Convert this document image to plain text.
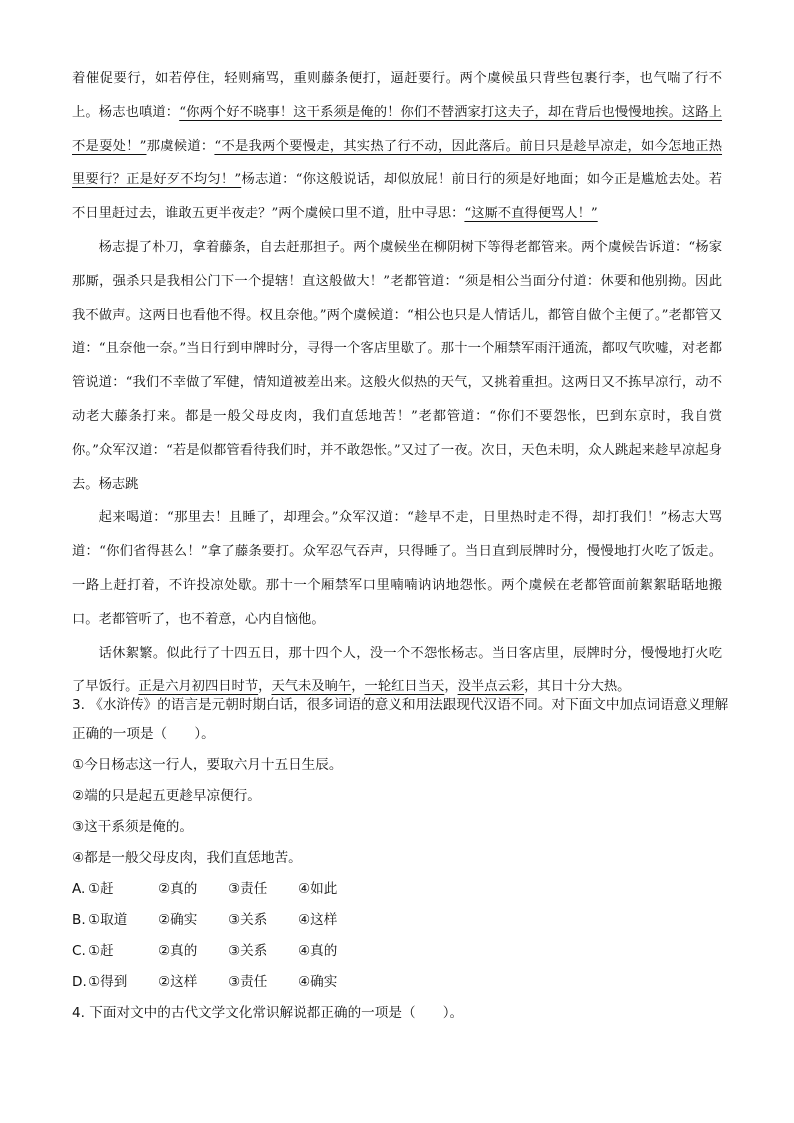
着催促要行，如若停住，轻则痛骂，重则藤条便打，逼赶要行。两个虞候虽只背些包裹行李，也气喘了行不上。杨志也嗔道：“你两个好不晓事！这干系须是俺的！你们不替洒家打这夫子，却在背后也慢慢地挨。这路上不是耍处！”那虞候道：“不是我两个要慢走，其实热了行不动，因此落后。前日只是趁早凉走，如今怎地正热里要行？正是好歹不均匀！”杨志道：“你这般说话，却似放屁！前日行的须是好地面；如今正是尴尬去处。若不日里赶过去，谁敢五更半夜走？”两个虞候口里不道，肚中寻思：“这厮不直得便骂人！”

杨志提了朴刀，拿着藤条，自去赶那担子。两个虞候坐在柳阴树下等得老都管来。两个虞候告诉道：“杨家那厮，强杀只是我相公门下一个提辖！直这般做大！”老都管道：“须是相公当面分付道：休要和他别拗。因此我不做声。这两日也看他不得。权且奈他。”两个虞候道：“相公也只是人情话儿，都管自做个主便了。”老都管又道：“且奈他一奈。”当日行到申牌时分，寻得一个客店里歇了。那十一个厢禁军雨汗通流，都叹气吹嘘，对老都管说道：“我们不幸做了军健，情知道被差出来。这般火似热的天气，又挑着重担。这两日又不拣早凉行，动不动老大藤条打来。都是一般父母皮肉，我们直恁地苦！”老都管道：“你们不要怨怅，巴到东京时，我自赏你。”众军汉道：“若是似都管看待我们时，并不敢怨怅。”又过了一夜。次日，天色未明，众人跳起来趁早凉起身去。杨志跳

起来喝道：“那里去！且睡了，却理会。”众军汉道：“趁早不走，日里热时走不得，却打我们！”杨志大骂道：“你们省得甚么！”拿了藤条要打。众军忍气吞声，只得睡了。当日直到辰牌时分，慢慢地打火吃了饭走。一路上赶打着，不许投凉处歇。那十一个厢禁军口里喃喃讷讷地怨怅。两个虞候在老都管面前絮絮聒聒地搬口。老都管听了，也不着意，心内自恼他。

话休絮繁。似此行了十四五日，那十四个人，没一个不怨怅杨志。当日客店里，辰牌时分，慢慢地打火吃了早饭行。正是六月初四日时节，天气未及晌午，一轮红日当天，没半点云彩，其日十分大热。

3. 《水浒传》的语言是元朝时期白话，很多词语的意义和用法跟现代汉语不同。对下面文中加点词语意义理解正确的一项是（　　）。

①今日杨志这一行人，要取六月十五日生辰。

②端的只是起五更趁早凉便行。

③这干系须是俺的。

④都是一般父母皮肉，我们直恁地苦。

A. ①赶	②真的 ③责任 ④如此
B. ①取道 ②确实 ③关系 ④这样
C. ①赶	②真的 ③关系 ④真的
D.①得到 ②这样 ③责任 ④确实

4. 下面对文中的古代文学文化常识解说都正确的一项是（　　）。
